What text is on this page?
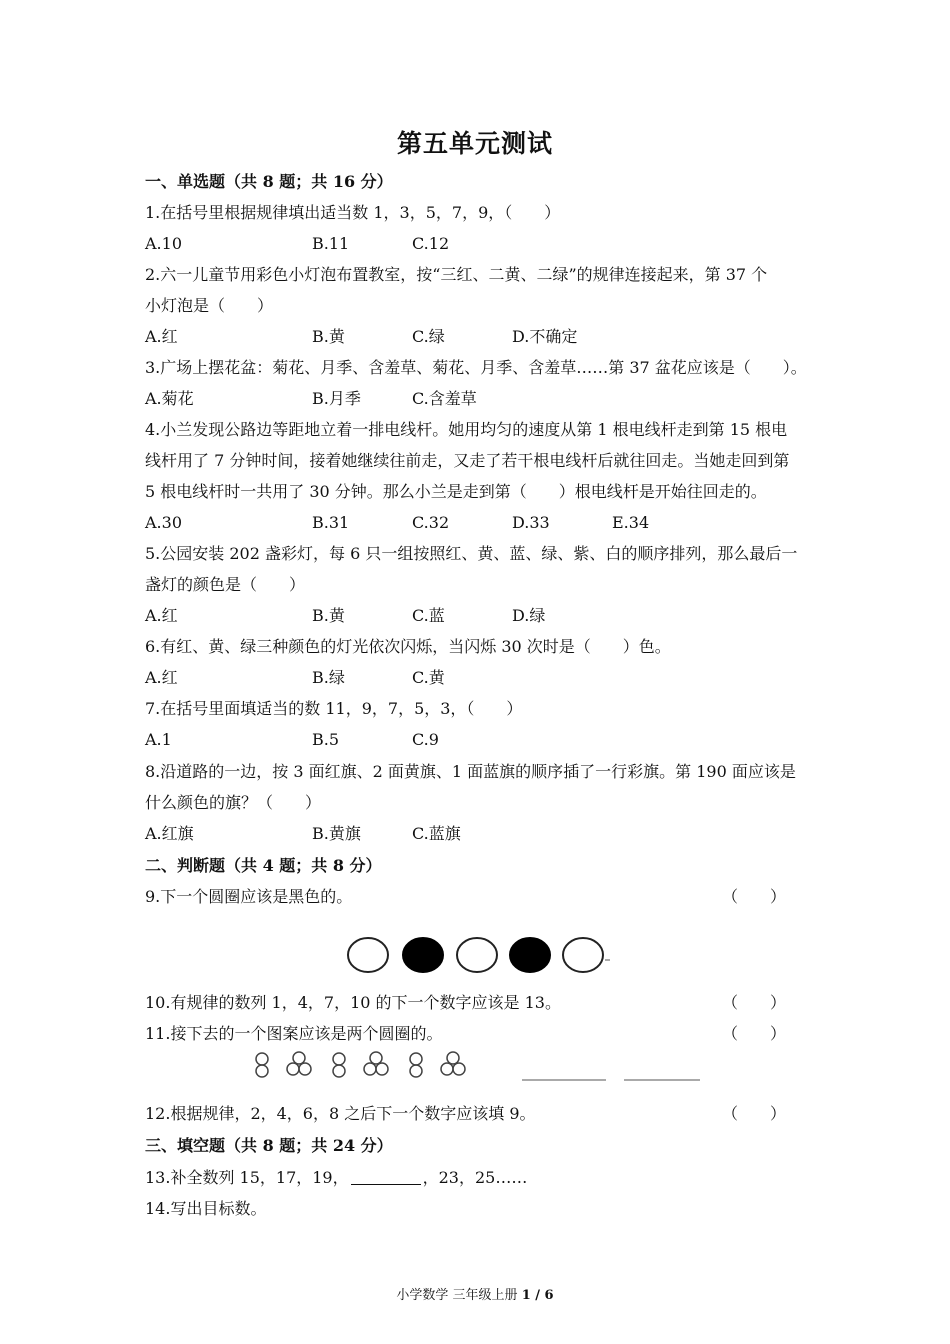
第五单元测试
一、单选题（共 8 题；共 16 分）
1.在括号里根据规律填出适当数 1，3，5，7，9，（　　）
A.10	B.11	C.12
2.六一儿童节用彩色小灯泡布置教室，按“三红、二黄、二绿”的规律连接起来，第 37 个
小灯泡是（　　）
A.红	B.黄	C.绿	D.不确定
3.广场上摆花盆：菊花、月季、含羞草、菊花、月季、含羞草……第 37 盆花应该是（　　）。
A.菊花	B.月季	C.含羞草
4.小兰发现公路边等距地立着一排电线杆。她用均匀的速度从第 1 根电线杆走到第 15 根电
线杆用了 7 分钟时间，接着她继续往前走，又走了若干根电线杆后就往回走。当她走回到第
5 根电线杆时一共用了 30 分钟。那么小兰是走到第（　　）根电线杆是开始往回走的。
A.30	B.31	C.32	D.33	E.34
5.公园安装 202 盏彩灯，每 6 只一组按照红、黄、蓝、绿、紫、白的顺序排列，那么最后一
盏灯的颜色是（　　）
A.红	B.黄	C.蓝	D.绿
6.有红、黄、绿三种颜色的灯光依次闪烁，当闪烁 30 次时是（　　）色。
A.红	B.绿	C.黄
7.在括号里面填适当的数 11，9，7，5，3，（　　）
A.1	B.5	C.9
8.沿道路的一边，按 3 面红旗、2 面黄旗、1 面蓝旗的顺序插了一行彩旗。第 190 面应该是
什么颜色的旗？（　　）
A.红旗	B.黄旗	C.蓝旗
二、判断题（共 4 题；共 8 分）
9.下一个圆圈应该是黑色的。	（　　）
10.有规律的数列 1，4，7，10 的下一个数字应该是 13。	（　　）
11.接下去的一个图案应该是两个圆圈的。	（　　）
12.根据规律，2，4，6，8 之后下一个数字应该填 9。	（　　）
三、填空题（共 8 题；共 24 分）
13.补全数列 15，17，19，	，23，25……
14.写出目标数。
小学数学 三年级上册 1 / 6
